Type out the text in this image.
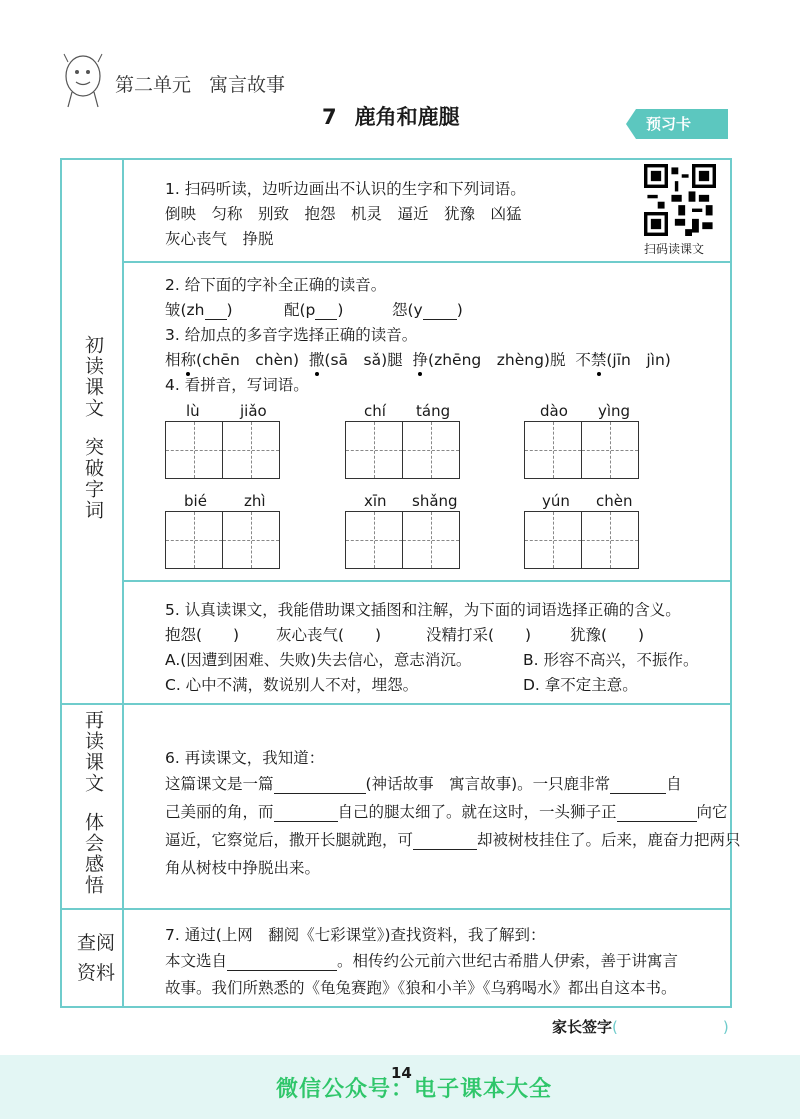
第二单元 寓言故事
7 鹿角和鹿腿	预习卡
初读课文突破字词
再读课文体会感悟
查阅资料
1. 扫码听读，边听边画出不认识的生字和下列词语。
倒映　匀称　别致　抱怨　机灵　逼近　犹豫　凶猛
灰心丧气　挣脱
扫码读课文
2. 给下面的字补全正确的读音。
皱(zh )	配(p )	怨(y )
3. 给加点的多音字选择正确的读音。
相称(chēn　chèn) 撒(sā　sǎ)腿 挣(zhēng　zhèng)脱 不禁(jīn　jìn)
4. 看拼音，写词语。
lù	jiǎo	chí táng	dào yìng
bié zhì	xīn shǎng	yún chèn
5. 认真读课文，我能借助课文插图和注解，为下面的词语选择正确的含义。
抱怨(　　) 灰心丧气(　　)	没精打采(　　)	犹豫(　　)
A.(因遭到困难、失败)失去信心，意志消沉。	B. 形容不高兴，不振作。
C. 心中不满，数说别人不对，埋怨。	D. 拿不定主意。
6. 再读课文，我知道：
这篇课文是一篇	(神话故事　寓言故事)。一只鹿非常	自
己美丽的角，而	自己的腿太细了。就在这时，一头狮子正	向它
逼近，它察觉后，撒开长腿就跑，可	却被树枝挂住了。后来，鹿奋力把两只
角从树枝中挣脱出来。
7. 通过(上网　翻阅《七彩课堂》)查找资料，我了解到：
本文选自	。相传约公元前六世纪古希腊人伊索，善于讲寓言
故事。我们所熟悉的《龟兔赛跑》《狼和小羊》《乌鸦喝水》都出自这本书。
家长签字(　　　　　　　)
14
微信公众号：电子课本大全
